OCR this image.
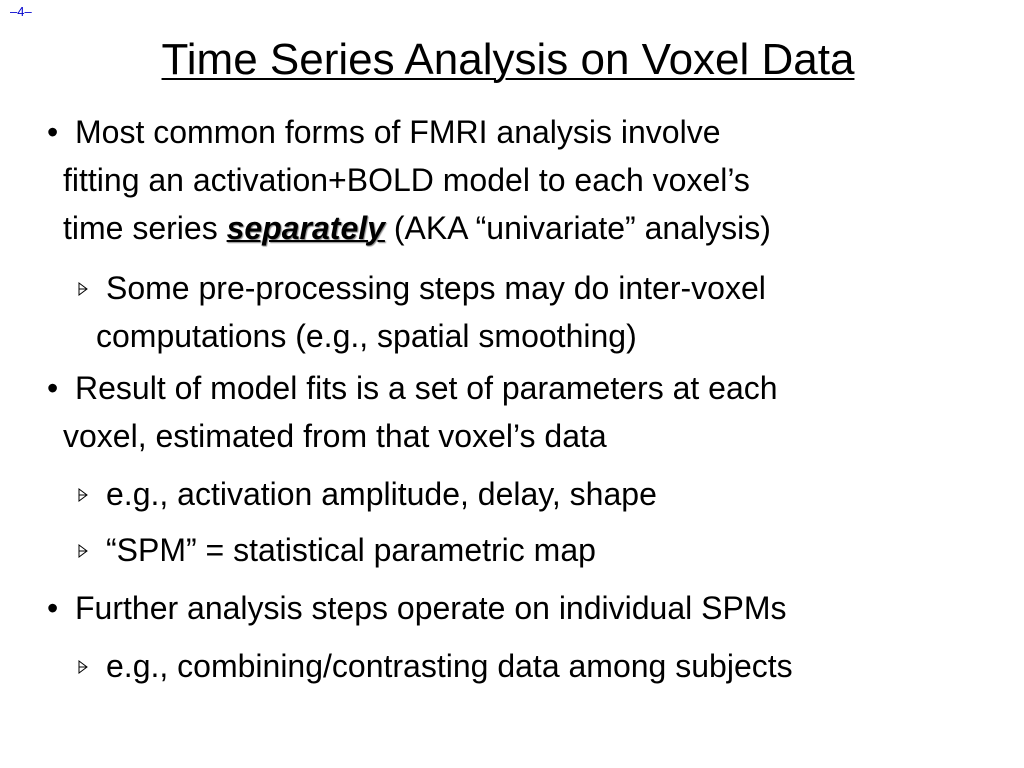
–4–
Time Series Analysis on Voxel Data
• Most common forms of FMRI analysis involve
fitting an activation+BOLD model to each voxel’s
time series separately (AKA “univariate” analysis)
Some pre-processing steps may do inter-voxel
computations (e.g., spatial smoothing)
• Result of model fits is a set of parameters at each
voxel, estimated from that voxel’s data
e.g., activation amplitude, delay, shape
“SPM” = statistical parametric map
• Further analysis steps operate on individual SPMs
e.g., combining/contrasting data among subjects
